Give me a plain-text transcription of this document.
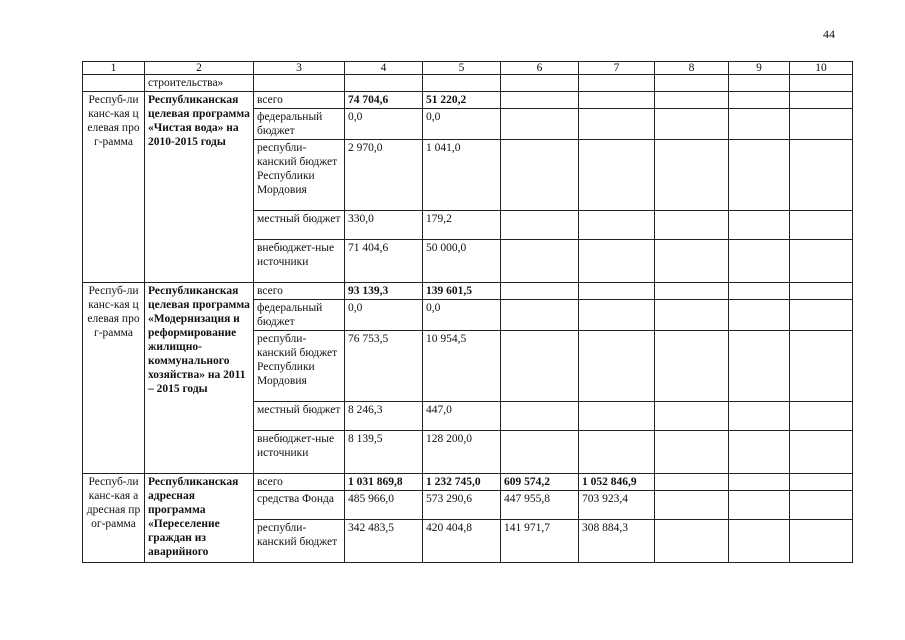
44
1	2	3	4	5	6	7	8	9	10
	строительства»								
Респуб-ликанс-кая целевая прог-рамма	Республиканская целевая программа «Чистая вода» на 2010-2015 годы	всего	74 704,6	51 220,2					
		федеральный бюджет	0,0	0,0					
		республи-канский бюджет Республики Мордовия	2 970,0	1 041,0					
		местный бюджет	330,0	179,2					
		внебюджет-ные источники	71 404,6	50 000,0					
Респуб-ликанс-кая целевая прог-рамма	Республиканская целевая программа «Модернизация и реформирование жилищно-коммунального хозяйства» на 2011 – 2015 годы	всего	93 139,3	139 601,5					
		федеральный бюджет	0,0	0,0					
		республи-канский бюджет Республики Мордовия	76 753,5	10 954,5					
		местный бюджет	8 246,3	447,0					
		внебюджет-ные источники	8 139,5	128 200,0					
Респуб-ликанс-кая адресная прог-рамма	Республиканская адресная программа «Переселение граждан из аварийного	всего	1 031 869,8	1 232 745,0	609 574,2	1 052 846,9			
		средства Фонда	485 966,0	573 290,6	447 955,8	703 923,4			
		республи-канский бюджет	342 483,5	420 404,8	141 971,7	308 884,3			
